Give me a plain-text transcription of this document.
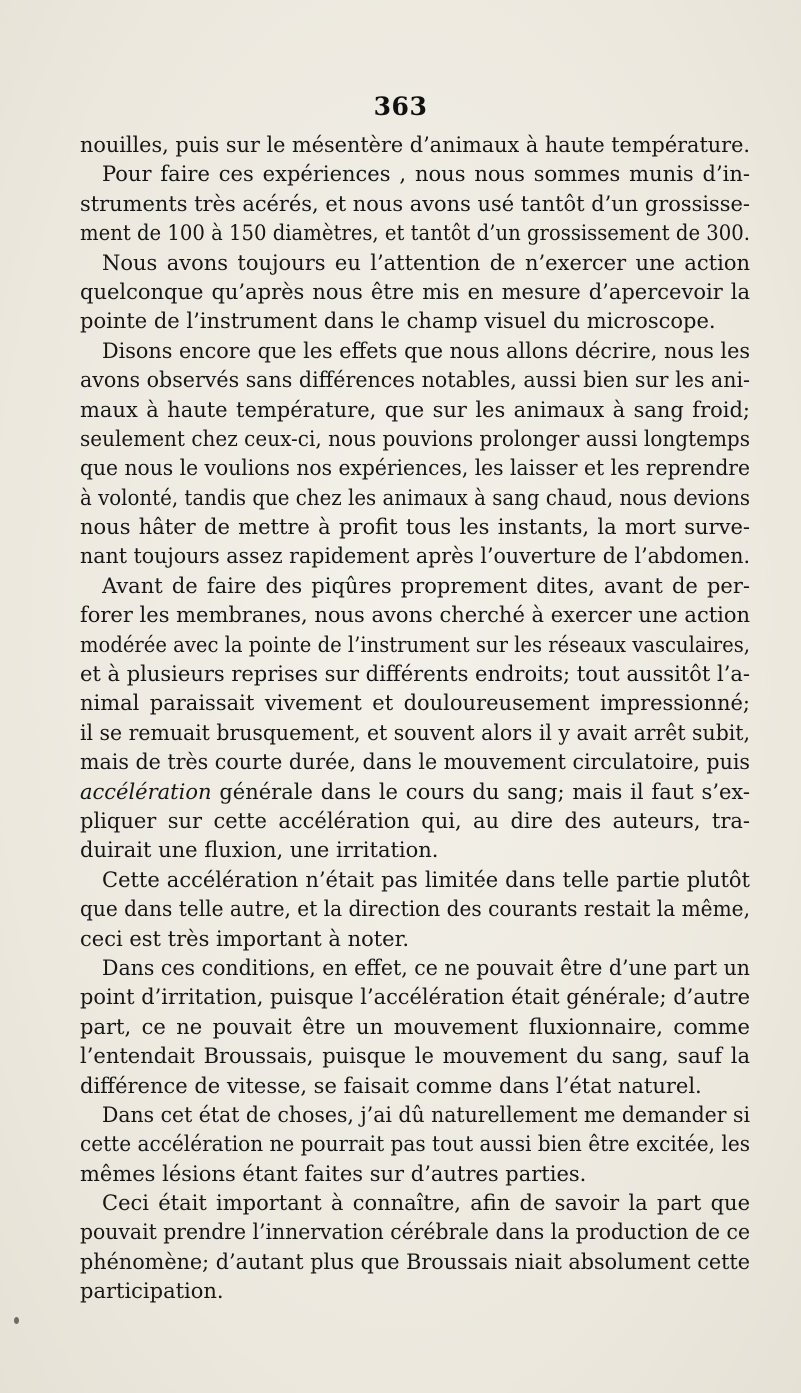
363
nouilles, puis sur le mésentère d’animaux à haute température.
Pour faire ces expériences , nous nous sommes munis d’in-
struments très acérés, et nous avons usé tantôt d’un grossisse-
ment de 100 à 150 diamètres, et tantôt d’un grossissement de 300.
Nous avons toujours eu l’attention de n’exercer une action
quelconque qu’après nous être mis en mesure d’apercevoir la
pointe de l’instrument dans le champ visuel du microscope.
Disons encore que les effets que nous allons décrire, nous les
avons observés sans différences notables, aussi bien sur les ani-
maux à haute température, que sur les animaux à sang froid;
seulement chez ceux-ci, nous pouvions prolonger aussi longtemps
que nous le voulions nos expériences, les laisser et les reprendre
à volonté, tandis que chez les animaux à sang chaud, nous devions
nous hâter de mettre à profit tous les instants, la mort surve-
nant toujours assez rapidement après l’ouverture de l’abdomen.
Avant de faire des piqûres proprement dites, avant de per-
forer les membranes, nous avons cherché à exercer une action
modérée avec la pointe de l’instrument sur les réseaux vasculaires,
et à plusieurs reprises sur différents endroits; tout aussitôt l’a-
nimal paraissait vivement et douloureusement impressionné;
il se remuait brusquement, et souvent alors il y avait arrêt subit,
mais de très courte durée, dans le mouvement circulatoire, puis
accélération générale dans le cours du sang; mais il faut s’ex-
pliquer sur cette accélération qui, au dire des auteurs, tra-
duirait une fluxion, une irritation.
Cette accélération n’était pas limitée dans telle partie plutôt
que dans telle autre, et la direction des courants restait la même,
ceci est très important à noter.
Dans ces conditions, en effet, ce ne pouvait être d’une part un
point d’irritation, puisque l’accélération était générale; d’autre
part, ce ne pouvait être un mouvement fluxionnaire, comme
l’entendait Broussais, puisque le mouvement du sang, sauf la
différence de vitesse, se faisait comme dans l’état naturel.
Dans cet état de choses, j’ai dû naturellement me demander si
cette accélération ne pourrait pas tout aussi bien être excitée, les
mêmes lésions étant faites sur d’autres parties.
Ceci était important à connaître, afin de savoir la part que
pouvait prendre l’innervation cérébrale dans la production de ce
phénomène; d’autant plus que Broussais niait absolument cette
participation.
